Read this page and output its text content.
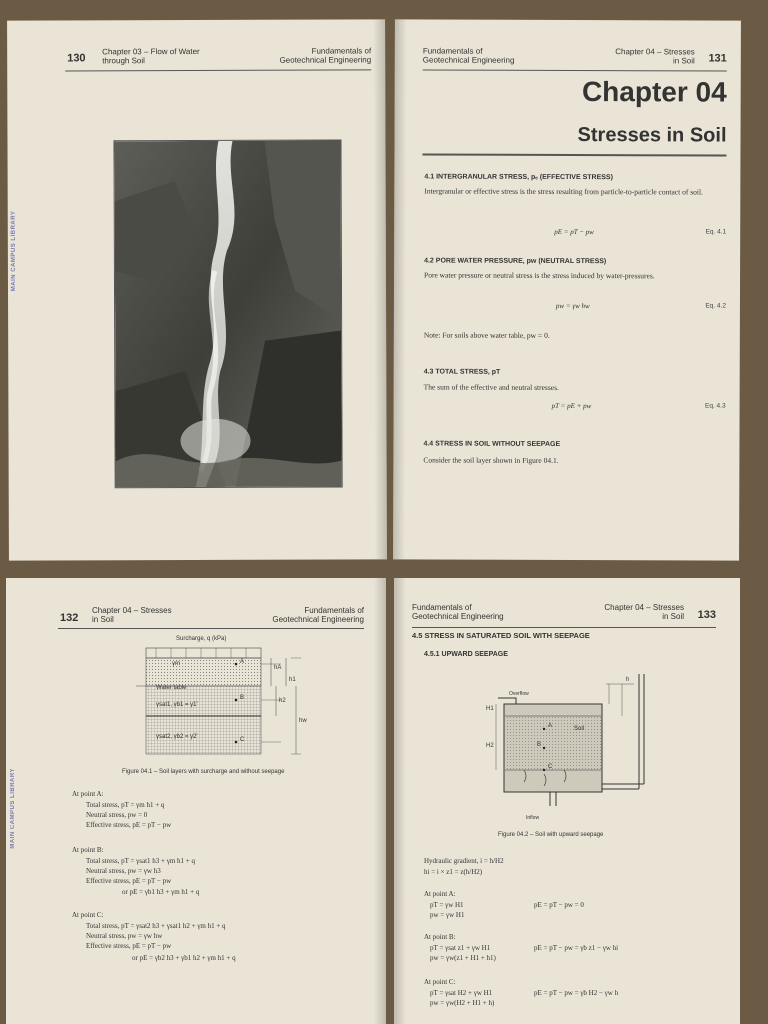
MAIN CAMPUS LIBRARY
130
Chapter 03 – Flow of Water
through Soil
Fundamentals of
Geotechnical Engineering
Fundamentals of
Geotechnical Engineering
Chapter 04 – Stresses
in Soil 131
Chapter 04
Stresses in Soil
4.1 INTERGRANULAR STRESS, pₑ (EFFECTIVE STRESS)
Intergranular or effective stress is the stress resulting from particle-to-particle contact of soil.
pE = pT − pw	Eq. 4.1
4.2 PORE WATER PRESSURE, pw (NEUTRAL STRESS)
Pore water pressure or neutral stress is the stress induced by water-pressures.
pw = γw hw	Eq. 4.2
Note: For soils above water table, pw = 0.
4.3 TOTAL STRESS, pT
The sum of the effective and neutral stresses.
pT = pE + pw	Eq. 4.3
4.4 STRESS IN SOIL WITHOUT SEEPAGE
Consider the soil layer shown in Figure 04.1.
MAIN CAMPUS LIBRARY
132
Chapter 04 – Stresses
in Soil
Fundamentals of
Geotechnical Engineering
Surcharge, q (kPa)
γm
Water table
γsat1, γb1 = γ1'
γsat2, γb2 = γ2'
A
B
C
hA
h1
h2
hw
Figure 04.1 – Soil layers with surcharge and without seepage
At point A:
Total stress, pT = γm h1 + q
Neutral stress, pw = 0
Effective stress, pE = pT − pw
At point B:
Total stress, pT = γsat1 h3 + γm h1 + q
Neutral stress, pw = γw h3
Effective stress, pE = pT − pw
or pE = γb1 h3 + γm h1 + q
At point C:
Total stress, pT = γsat2 h3 + γsat1 h2 + γm h1 + q
Neutral stress, pw = γw hw
Effective stress, pE = pT − pw
or pE = γb2 h3 + γb1 h2 + γm h1 + q
Fundamentals of
Geotechnical Engineering
Chapter 04 – Stresses
in Soil 133
4.5 STRESS IN SATURATED SOIL WITH SEEPAGE
4.5.1 UPWARD SEEPAGE
Overflow
Soil
Inflow
A
B
C
h
H1
H2
Figure 04.2 – Soil with upward seepage
Hydraulic gradient, i = h/H2
hi = i × z1 = z(h/H2)
At point A:
pT = γw H1
pw = γw H1
pE = pT − pw = 0
At point B:
pT = γsat z1 + γw H1
pw = γw(z1 + H1 + h1)
pE = pT − pw = γb z1 − γw hi
At point C:
pT = γsat H2 + γw H1
pw = γw(H2 + H1 + h)
pE = pT − pw = γb H2 − γw h
